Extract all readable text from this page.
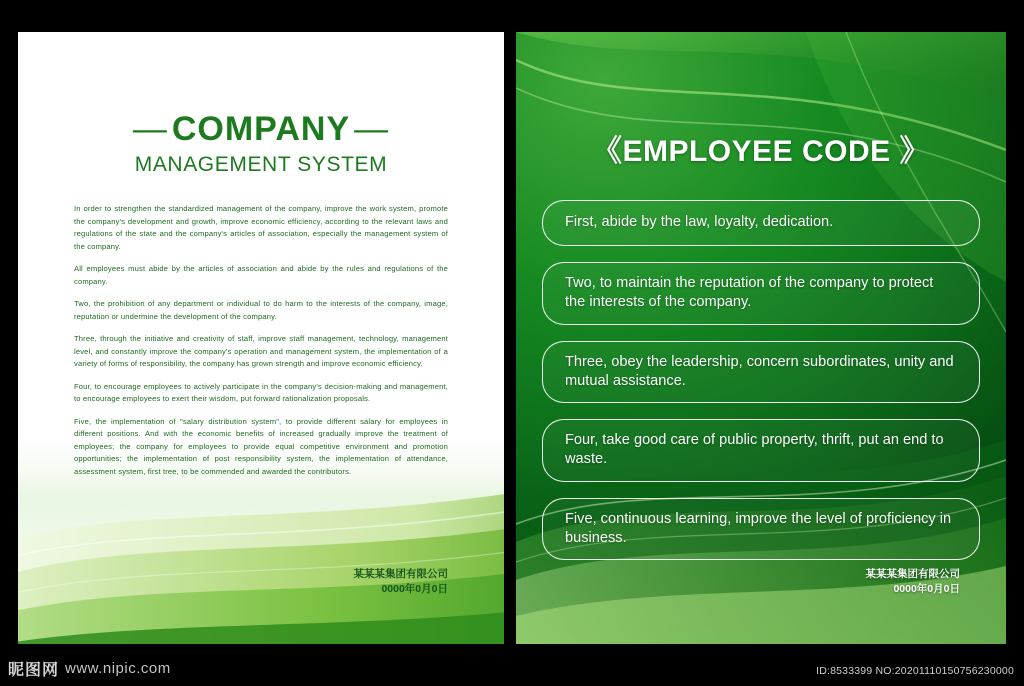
— COMPANY —
MANAGEMENT SYSTEM

In order to strengthen the standardized management of the company, improve the work system, promote the company's development and growth, improve economic efficiency, according to the relevant laws and regulations of the state and the company's articles of association, especially the management system of the company.

All employees must abide by the articles of association and abide by the rules and regulations of the company.

Two, the prohibition of any department or individual to do harm to the interests of the company, image, reputation or undermine the development of the company.

Three, through the initiative and creativity of staff, improve staff management, technology, management level, and constantly improve the company's operation and management system, the implementation of a variety of forms of responsibility, the company has grown strength and improve economic efficiency.

Four, to encourage employees to actively participate in the company's decision-making and management, to encourage employees to exert their wisdom, put forward rationalization proposals.

Five, the implementation of "salary distribution system", to provide different salary for employees in different positions. And with the economic benefits of increased gradually improve the treatment of employees; the company for employees to provide equal competitive environment and promotion opportunities; the implementation of post responsibility system, the implementation of attendance, assessment system, first tree, to be commended and awarded the contributors.

某某某集团有限公司
0000年0月0日
《EMPLOYEE CODE 》
First, abide by the law, loyalty, dedication.
Two, to maintain the reputation of the company to protect the interests of the company.
Three, obey the leadership, concern subordinates, unity and mutual assistance.
Four, take good care of public property, thrift, put an end to waste.
Five, continuous learning, improve the level of proficiency in business.
某某某集团有限公司
0000年0月0日
昵图网 www.nipic.com	ID:8533399 NO:20201110150756230000
